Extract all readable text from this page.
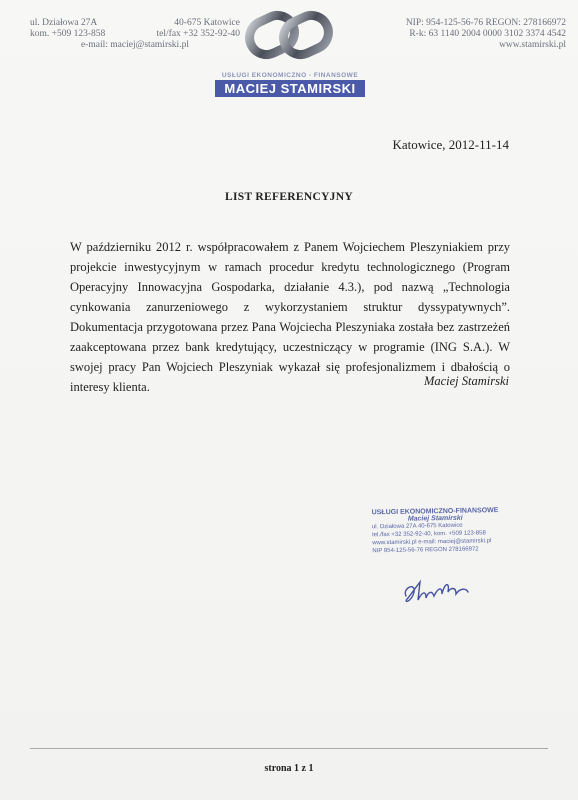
ul. Działowa 27A	40-675 Katowice
kom. +509 123-858	tel/fax +32 352-92-40
e-mail: maciej@stamirski.pl
NIP: 954-125-56-76 REGON: 278166972
R-k: 63 1140 2004 0000 3102 3374 4542
www.stamirski.pl
USŁUGI EKONOMICZNO - FINANSOWE
MACIEJ STAMIRSKI
Katowice, 2012-11-14
LIST REFERENCYJNY
W październiku 2012 r. współpracowałem z Panem Wojciechem Pleszyniakiem przy projekcie inwestycyjnym w ramach procedur kredytu technologicznego (Program Operacyjny Innowacyjna Gospodarka, działanie 4.3.), pod nazwą „Technologia cynkowania zanurzeniowego z wykorzystaniem struktur dyssypatywnych”. Dokumentacja przygotowana przez Pana Wojciecha Pleszyniaka została bez zastrzeżeń zaakceptowana przez bank kredytujący, uczestniczący w programie (ING S.A.). W swojej pracy Pan Wojciech Pleszyniak wykazał się profesjonalizmem i dbałością o interesy klienta.	Maciej Stamirski
USŁUGI EKONOMICZNO-FINANSOWE
Maciej Stamirski
ul. Działowa 27A 40-675 Katowice
tel./fax +32 352-92-40, kom. +509 123-858
www.stamirski.pl e-mail: maciej@stamirski.pl
NIP 954-125-56-76 REGON 278166972
strona 1 z 1
